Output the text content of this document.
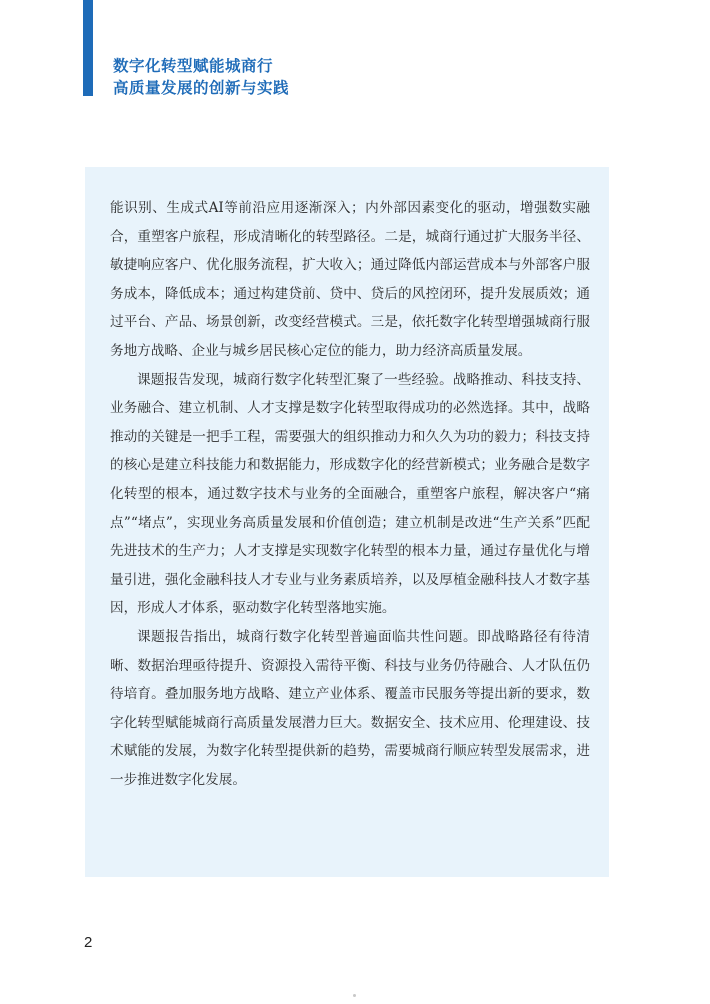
数字化转型赋能城商行
高质量发展的创新与实践

能识别、生成式AI等前沿应用逐渐深入；内外部因素变化的驱动，增强数实融合，重塑客户旅程，形成清晰化的转型路径。二是，城商行通过扩大服务半径、敏捷响应客户、优化服务流程，扩大收入；通过降低内部运营成本与外部客户服务成本，降低成本；通过构建贷前、贷中、贷后的风控闭环，提升发展质效；通过平台、产品、场景创新，改变经营模式。三是，依托数字化转型增强城商行服务地方战略、企业与城乡居民核心定位的能力，助力经济高质量发展。

课题报告发现，城商行数字化转型汇聚了一些经验。战略推动、科技支持、业务融合、建立机制、人才支撑是数字化转型取得成功的必然选择。其中，战略推动的关键是一把手工程，需要强大的组织推动力和久久为功的毅力；科技支持的核心是建立科技能力和数据能力，形成数字化的经营新模式；业务融合是数字化转型的根本，通过数字技术与业务的全面融合，重塑客户旅程，解决客户“痛点”“堵点”，实现业务高质量发展和价值创造；建立机制是改进“生产关系”匹配先进技术的生产力；人才支撑是实现数字化转型的根本力量，通过存量优化与增量引进，强化金融科技人才专业与业务素质培养，以及厚植金融科技人才数字基因，形成人才体系，驱动数字化转型落地实施。

课题报告指出，城商行数字化转型普遍面临共性问题。即战略路径有待清晰、数据治理亟待提升、资源投入需待平衡、科技与业务仍待融合、人才队伍仍待培育。叠加服务地方战略、建立产业体系、覆盖市民服务等提出新的要求，数字化转型赋能城商行高质量发展潜力巨大。数据安全、技术应用、伦理建设、技术赋能的发展，为数字化转型提供新的趋势，需要城商行顺应转型发展需求，进一步推进数字化发展。

2
